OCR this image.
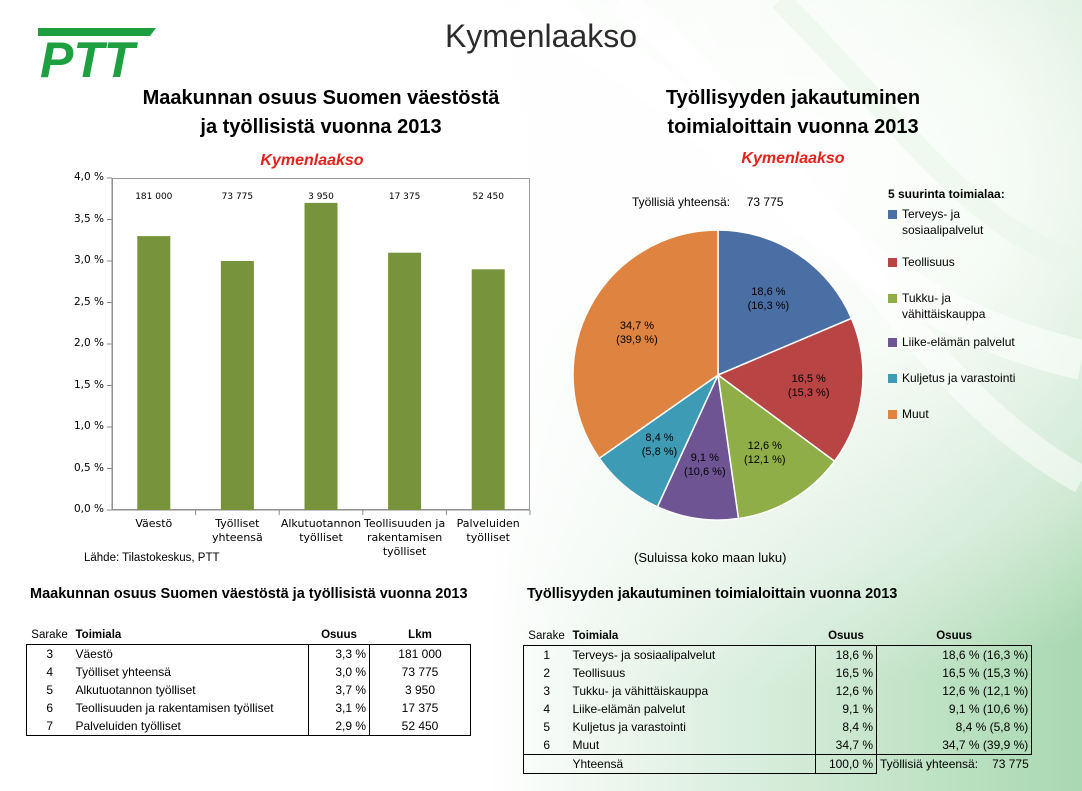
PTT	Kymenlaakso
Maakunnan osuus Suomen väestöstä
ja työllisistä vuonna 2013
Kymenlaakso
0,0 %
0,5 %
1,0 %
1,5 %
2,0 %
2,5 %
3,0 %
3,5 %
4,0 %
181 000
Väestö
73 775
Työlliset
yhteensä
3 950
Alkutuotannon
työlliset
17 375
Teollisuuden ja
rakentamisen
työlliset
52 450
Palveluiden
työlliset
Lähde: Tilastokeskus, PTT
Työllisyyden jakautuminen
toimialoittain vuonna 2013
Kymenlaakso
Työllisiä yhteensä: 73 775
18,6 %
(16,3 %)
16,5 %
(15,3 %)
12,6 %
(12,1 %)
9,1 %
(10,6 %)
8,4 %
(5,8 %)
34,7 %
(39,9 %)
5 suurinta toimialaa:
Terveys- ja
sosiaalipalvelut
Teollisuus
Tukku- ja
vähittäiskauppa
Liike-elämän palvelut
Kuljetus ja varastointi
Muut
(Suluissa koko maan luku)
Maakunnan osuus Suomen väestöstä ja työllisistä vuonna 2013
Sarake	Toimiala	Osuus	Lkm
3	Väestö	3,3 %	181 000
4	Työlliset yhteensä	3,0 %	73 775
5	Alkutuotannon työlliset	3,7 %	3 950
6	Teollisuuden ja rakentamisen työlliset	3,1 %	17 375
7	Palveluiden työlliset	2,9 %	52 450
Työllisyyden jakautuminen toimialoittain vuonna 2013
Sarake	Toimiala	Osuus	Osuus
1	Terveys- ja sosiaalipalvelut	18,6 %	18,6 % (16,3 %)
2	Teollisuus	16,5 %	16,5 % (15,3 %)
3	Tukku- ja vähittäiskauppa	12,6 %	12,6 % (12,1 %)
4	Liike-elämän palvelut	9,1 %	9,1 % (10,6 %)
5	Kuljetus ja varastointi	8,4 %	8,4 % (5,8 %)
6	Muut	34,7 %	34,7 % (39,9 %)
	Yhteensä	100,0 %	Työllisiä yhteensä: 73 775
